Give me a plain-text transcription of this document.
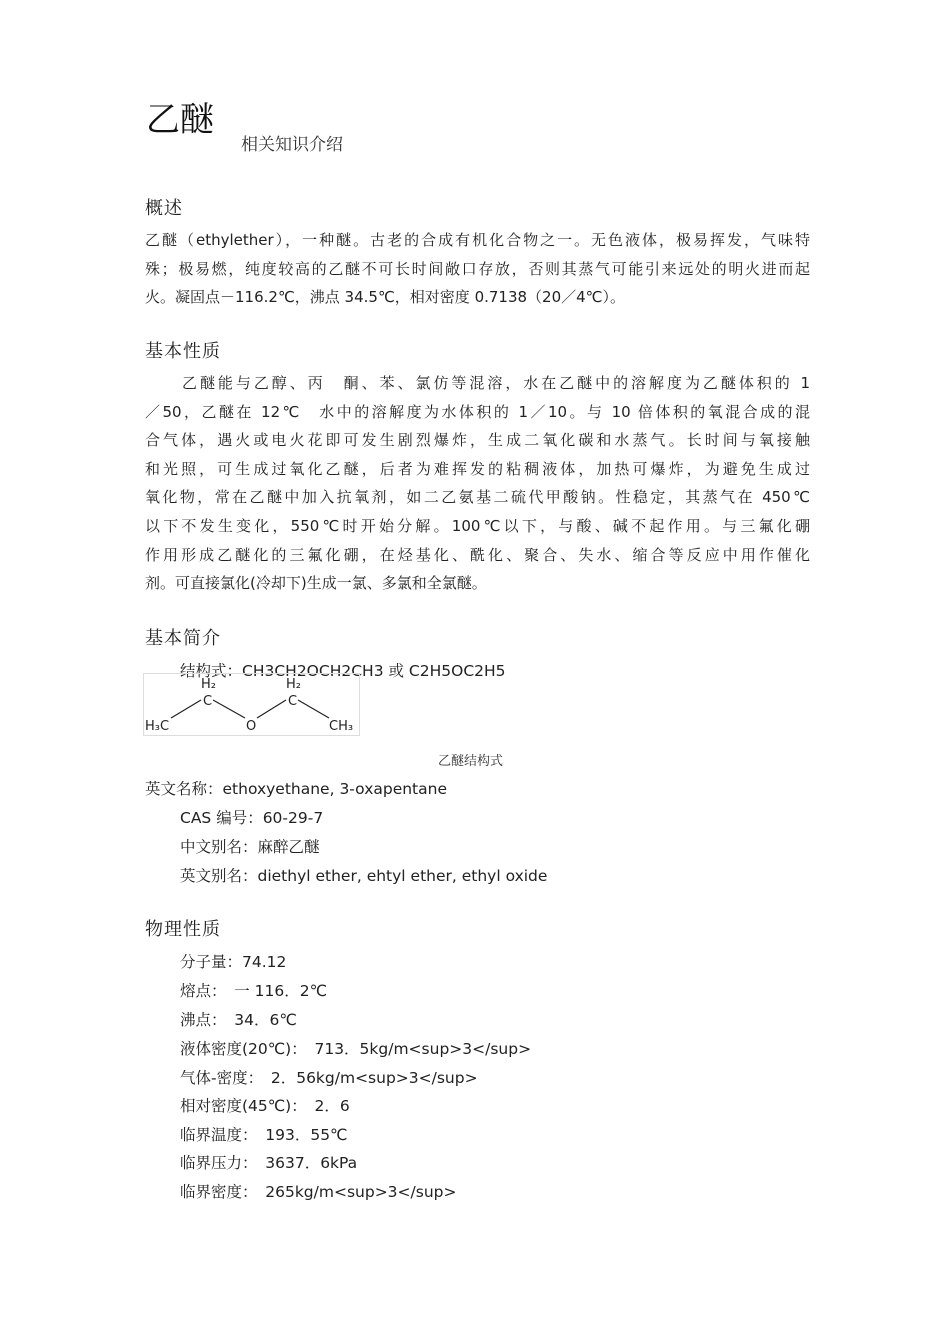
乙醚
相关知识介绍
概述
乙醚（ethylether），一种醚。古老的合成有机化合物之一。无色液体，极易挥发，气味特
殊；极易燃，纯度较高的乙醚不可长时间敞口存放，否则其蒸气可能引来远处的明火进而起
火。凝固点－116.2℃，沸点 34.5℃，相对密度 0.7138（20／4℃）。
基本性质
乙醚能与乙醇、丙　酮、苯、氯仿等混溶，水在乙醚中的溶解度为乙醚体积的 1
／50，乙醚在 12℃　水中的溶解度为水体积的 1／10。与 10 倍体积的氧混合成的混
合气体，遇火或电火花即可发生剧烈爆炸，生成二氧化碳和水蒸气。长时间与氧接触
和光照，可生成过氧化乙醚，后者为难挥发的粘稠液体，加热可爆炸，为避免生成过
氧化物，常在乙醚中加入抗氧剂，如二乙氨基二硫代甲酸钠。性稳定，其蒸气在 450℃
以下不发生变化，550℃时开始分解。100℃以下，与酸、碱不起作用。与三氟化硼
作用形成乙醚化的三氟化硼，在烃基化、酰化、聚合、失水、缩合等反应中用作催化
剂。可直接氯化(冷却下)生成一氯、多氯和全氯醚。
基本简介
结构式：CH3CH2OCH2CH3 或 C2H5OC2H5
H₂
C
O
H₂
C
H₃C	CH₃
乙醚结构式
英文名称：ethoxyethane, 3-oxapentane
CAS 编号：60-29-7
中文别名：麻醉乙醚
英文别名：diethyl ether, ehtyl ether, ethyl oxide
物理性质
分子量：74.12
熔点：　一 116．2℃
沸点：　34．6℃
液体密度(20℃)：　713．5kg/m<sup>3</sup>
气体-密度：　2．56kg/m<sup>3</sup>
相对密度(45℃)：　2．6
临界温度：　193．55℃
临界压力：　3637．6kPa
临界密度：　265kg/m<sup>3</sup>
